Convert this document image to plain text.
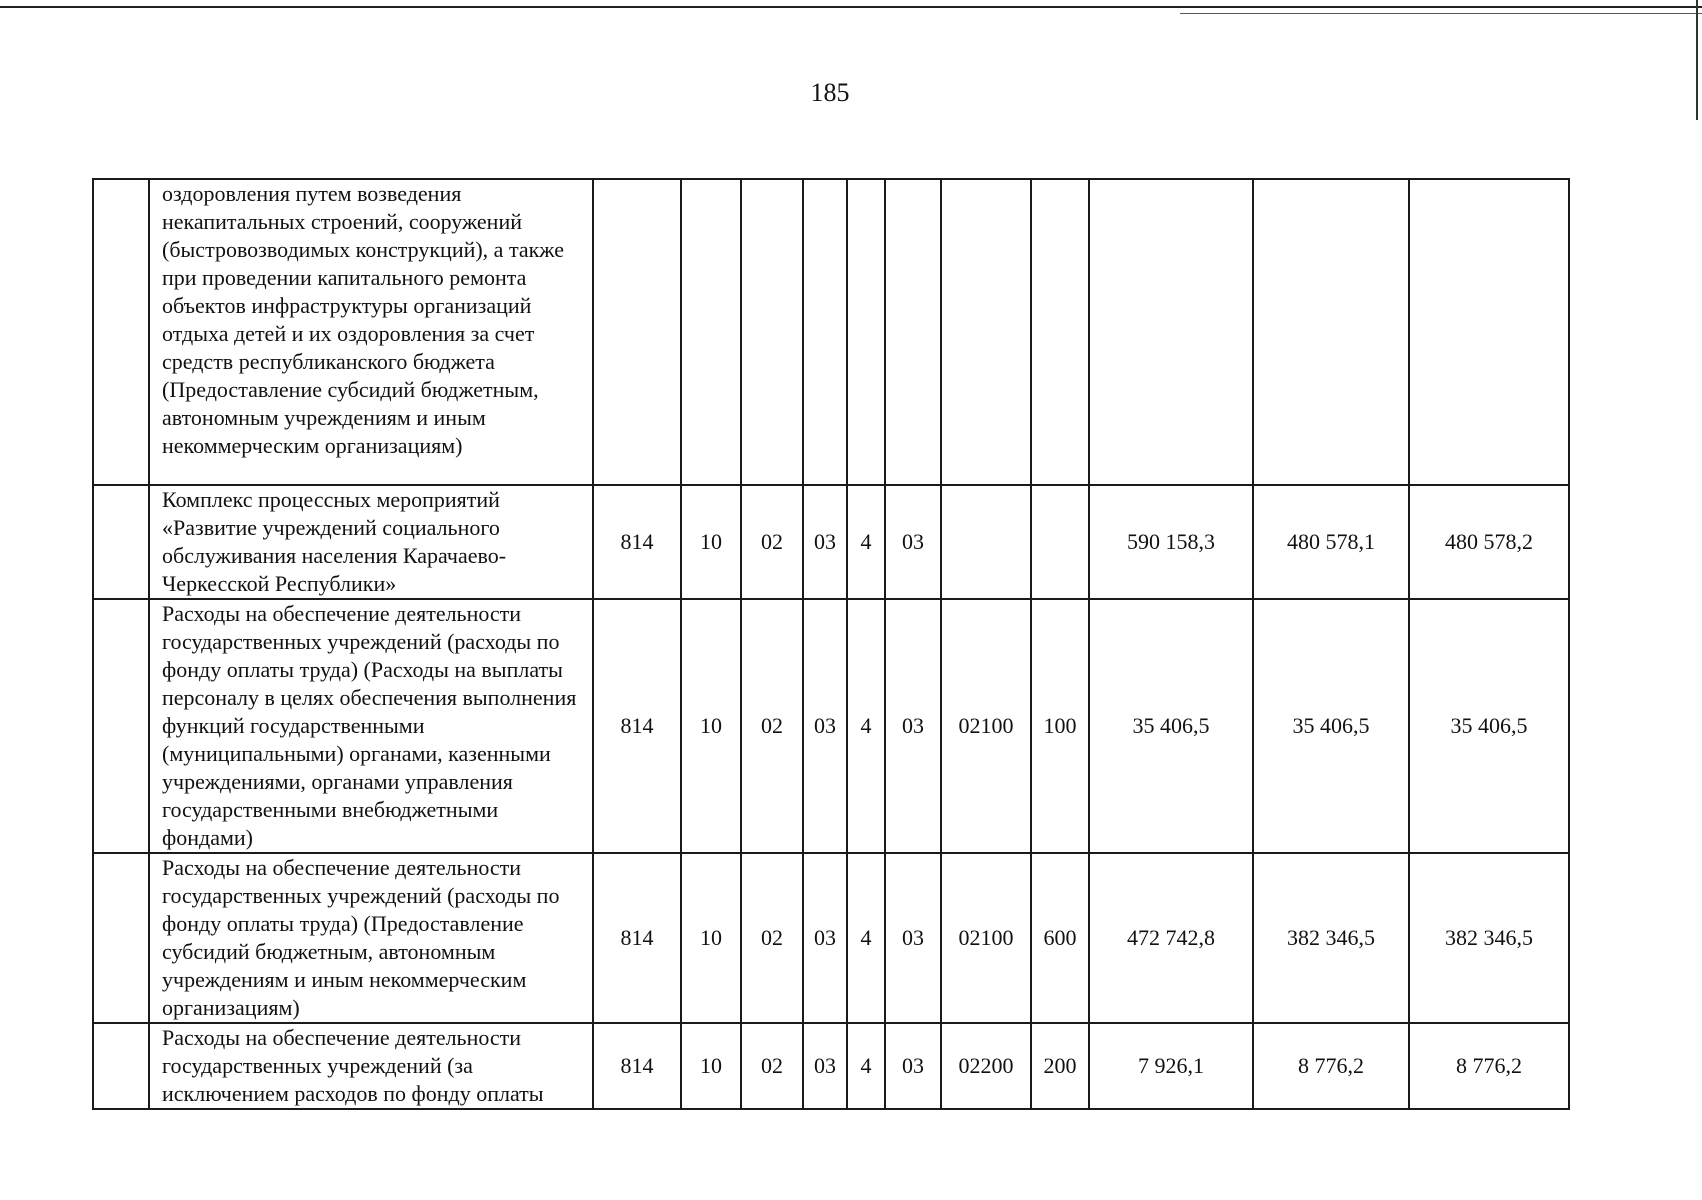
185
	оздоровления путем возведения некапитальных строений, сооружений (быстровозводимых конструкций), а также при проведении капитального ремонта объектов инфраструктуры организаций отдыха детей и их оздоровления за счет средств республиканского бюджета (Предоставление субсидий бюджетным, автономным учреждениям и иным некоммерческим организациям)											
	Комплекс процессных мероприятий «Развитие учреждений социального обслуживания населения Карачаево-Черкесской Республики»	814	10	02	03	4	03			590 158,3	480 578,1	480 578,2
	Расходы на обеспечение деятельности государственных учреждений (расходы по фонду оплаты труда) (Расходы на выплаты персоналу в целях обеспечения выполнения функций государственными (муниципальными) органами, казенными учреждениями, органами управления государственными внебюджетными фондами)	814	10	02	03	4	03	02100	100	35 406,5	35 406,5	35 406,5
	Расходы на обеспечение деятельности государственных учреждений (расходы по фонду оплаты труда) (Предоставление субсидий бюджетным, автономным учреждениям и иным некоммерческим организациям)	814	10	02	03	4	03	02100	600	472 742,8	382 346,5	382 346,5
	Расходы на обеспечение деятельности государственных учреждений (за исключением расходов по фонду оплаты	814	10	02	03	4	03	02200	200	7 926,1	8 776,2	8 776,2
